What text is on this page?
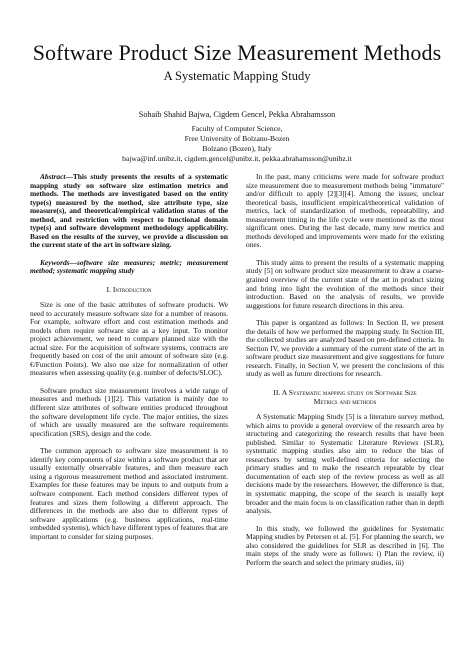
Software Product Size Measurement Methods
A Systematic Mapping Study
Sohaib Shahid Bajwa, Cigdem Gencel, Pekka Abrahamsson
Faculty of Computer Science,
Free University of Bolzano-Bozen
Bolzano (Bozen), Italy
bajwa@inf.unibz.it, cigdem.gencel@unibz.it, pekka.abrahamsson@unibz.it

Abstract—This study presents the results of a systematic mapping study on software size estimation metrics and methods. The methods are investigated based on the entity type(s) measured by the method, size attribute type, size measure(s), and theoretical/empirical validation status of the method, and restriction with respect to functional domain type(s) and software development methodology applicability. Based on the results of the survey, we provide a discussion on the current state of the art in software sizing.

Keywords—software size measures; metric; measurement method; systematic mapping study

I. Introduction

Size is one of the basic attributes of software products. We need to accurately measure software size for a number of reasons. For example, software effort and cost estimation methods and models often require software size as a key input. To monitor project achievement, we need to compare planned size with the actual size. For the acquisition of software systems, contracts are frequently based on cost of the unit amount of software size (e.g. €/Function Points). We also use size for normalization of other measures when assessing quality (e.g. number of defects/SLOC).

Software product size measurement involves a wide range of measures and methods [1][2]. This variation is mainly due to different size attributes of software entities produced throughout the software development life cycle. The major entities, the sizes of which are usually measured are the software requirements specification (SRS), design and the code.

The common approach to software size measurement is to identify key components of size within a software product that are usually externally observable features, and then measure each using a rigorous measurement method and associated instrument. Examples for these features may be inputs to and outputs from a software component. Each method considers different types of features and sizes them following a different approach. The differences in the methods are also due to different types of software applications (e.g. business applications, real-time embedded systems), which have different types of features that are important to consider for sizing purposes.

In the past, many criticisms were made for software product size measurement due to measurement methods being "immature" and/or difficult to apply [2][3][4]. Among the issues; unclear theoretical basis, insufficient empirical/theoretical validation of metrics, lack of standardization of methods, repeatability, and measurement timing in the life cycle were mentioned as the most significant ones. During the last decade, many new metrics and methods developed and improvements were made for the existing ones.

This study aims to present the results of a systematic mapping study [5] on software product size measurement to draw a coarse-grained overview of the current state of the art in product sizing and bring into light the evolution of the methods since their introduction. Based on the analysis of results, we provide suggestions for future research directions in this area.

This paper is organized as follows: In Section II, we present the details of how we performed the mapping study. In Section III, the collected studies are analyzed based on pre-defined criteria. In Section IV, we provide a summary of the current state of the art in software product size measurement and give suggestions for future research. Finally, in Section V, we present the conclusions of this study as well as future directions for research.

II. A Systematic mapping study on Software Size
Metrics and methods

A Systematic Mapping Study [5] is a literature survey method, which aims to provide a general overview of the research area by structuring and categorizing the research results that have been published. Similar to Systematic Literature Reviews (SLR), systematic mapping studies also aim to reduce the bias of researchers by setting well-defined criteria for selecting the primary studies and to make the research repeatable by clear documentation of each step of the review process as well as all decisions made by the researchers. However, the difference is that, in systematic mapping, the scope of the search is usually kept broader and the main focus is on classification rather than in depth analysis.

In this study, we followed the guidelines for Systematic Mapping studies by Petersen et al. [5]. For planning the search, we also considered the guidelines for SLR as described in [6]. The main steps of the study were as follows: i) Plan the review, ii) Perform the search and select the primary studies, iii)
